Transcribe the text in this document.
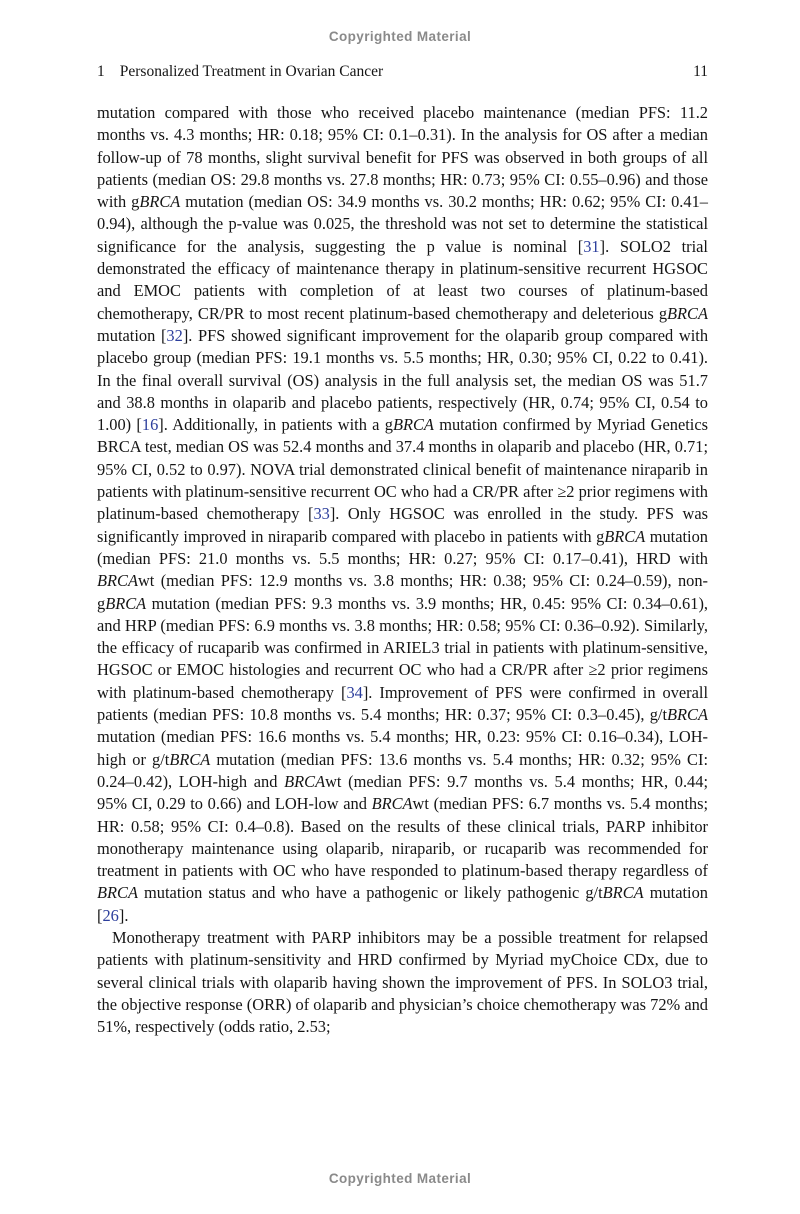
Copyrighted Material
1 Personalized Treatment in Ovarian Cancer	11

mutation compared with those who received placebo maintenance (median PFS: 11.2 months vs. 4.3 months; HR: 0.18; 95% CI: 0.1–0.31). In the analysis for OS after a median follow-up of 78 months, slight survival benefit for PFS was observed in both groups of all patients (median OS: 29.8 months vs. 27.8 months; HR: 0.73; 95% CI: 0.55–0.96) and those with gBRCA mutation (median OS: 34.9 months vs. 30.2 months; HR: 0.62; 95% CI: 0.41–0.94), although the p-value was 0.025, the threshold was not set to determine the statistical significance for the analysis, suggesting the p value is nominal [31]. SOLO2 trial demonstrated the efficacy of maintenance therapy in platinum-sensitive recurrent HGSOC and EMOC patients with completion of at least two courses of platinum-based chemotherapy, CR/PR to most recent platinum-based chemotherapy and deleterious gBRCA mutation [32]. PFS showed significant improvement for the olaparib group compared with placebo group (median PFS: 19.1 months vs. 5.5 months; HR, 0.30; 95% CI, 0.22 to 0.41). In the final overall survival (OS) analysis in the full analysis set, the median OS was 51.7 and 38.8 months in olaparib and placebo patients, respectively (HR, 0.74; 95% CI, 0.54 to 1.00) [16]. Additionally, in patients with a gBRCA mutation confirmed by Myriad Genetics BRCA test, median OS was 52.4 months and 37.4 months in olaparib and placebo (HR, 0.71; 95% CI, 0.52 to 0.97). NOVA trial demonstrated clinical benefit of maintenance niraparib in patients with platinum-sensitive recurrent OC who had a CR/PR after ≥2 prior regimens with platinum-based chemotherapy [33]. Only HGSOC was enrolled in the study. PFS was significantly improved in niraparib compared with placebo in patients with gBRCA mutation (median PFS: 21.0 months vs. 5.5 months; HR: 0.27; 95% CI: 0.17–0.41), HRD with BRCAwt (median PFS: 12.9 months vs. 3.8 months; HR: 0.38; 95% CI: 0.24–0.59), non-gBRCA mutation (median PFS: 9.3 months vs. 3.9 months; HR, 0.45: 95% CI: 0.34–0.61), and HRP (median PFS: 6.9 months vs. 3.8 months; HR: 0.58; 95% CI: 0.36–0.92). Similarly, the efficacy of rucaparib was confirmed in ARIEL3 trial in patients with platinum-sensitive, HGSOC or EMOC histologies and recurrent OC who had a CR/PR after ≥2 prior regimens with platinum-based chemotherapy [34]. Improvement of PFS were confirmed in overall patients (median PFS: 10.8 months vs. 5.4 months; HR: 0.37; 95% CI: 0.3–0.45), g/tBRCA mutation (median PFS: 16.6 months vs. 5.4 months; HR, 0.23: 95% CI: 0.16–0.34), LOH-high or g/tBRCA mutation (median PFS: 13.6 months vs. 5.4 months; HR: 0.32; 95% CI: 0.24–0.42), LOH-high and BRCAwt (median PFS: 9.7 months vs. 5.4 months; HR, 0.44; 95% CI, 0.29 to 0.66) and LOH-low and BRCAwt (median PFS: 6.7 months vs. 5.4 months; HR: 0.58; 95% CI: 0.4–0.8). Based on the results of these clinical trials, PARP inhibitor monotherapy maintenance using olaparib, niraparib, or rucaparib was recommended for treatment in patients with OC who have responded to platinum-based therapy regardless of BRCA mutation status and who have a pathogenic or likely pathogenic g/tBRCA mutation [26].

Monotherapy treatment with PARP inhibitors may be a possible treatment for relapsed patients with platinum-sensitivity and HRD confirmed by Myriad myChoice CDx, due to several clinical trials with olaparib having shown the improvement of PFS. In SOLO3 trial, the objective response (ORR) of olaparib and physician’s choice chemotherapy was 72% and 51%, respectively (odds ratio, 2.53;

Copyrighted Material
